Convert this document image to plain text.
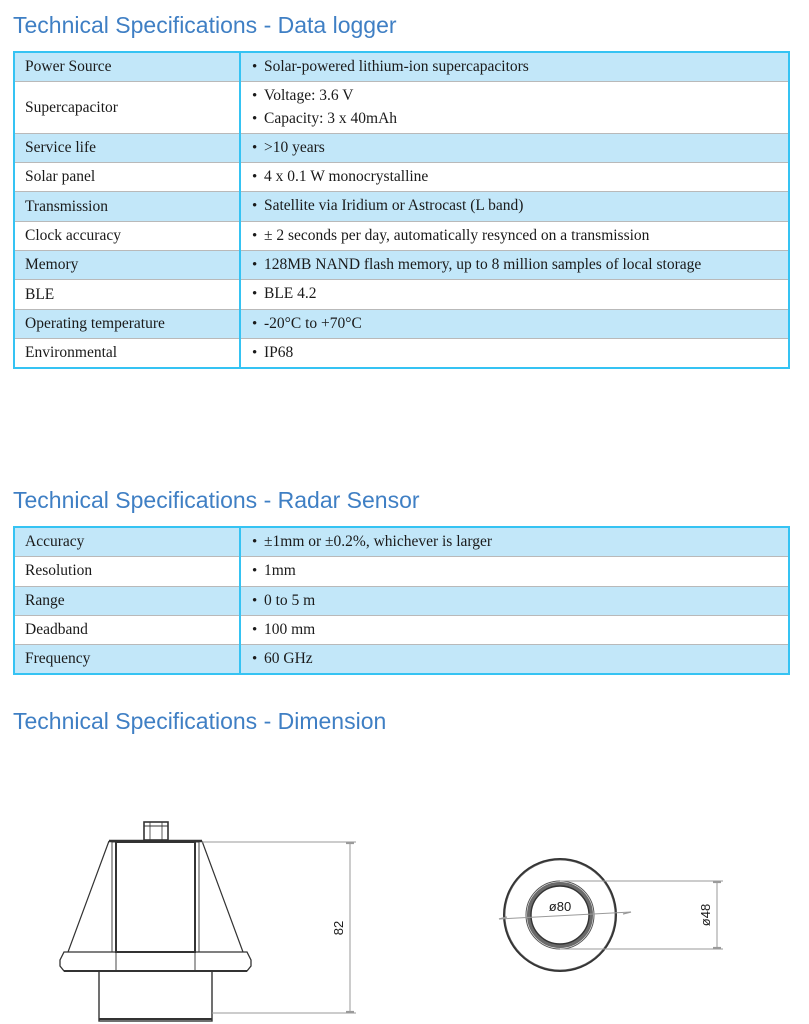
Technical Specifications - Data logger
Power Source	• Solar-powered lithium-ion supercapacitors

Supercapacitor	• Voltage: 3.6 V
• Capacity: 3 x 40mAh

Service life	• >10 years

Solar panel	• 4 x 0.1 W monocrystalline

Transmission	• Satellite via Iridium or Astrocast (L band)

Clock accuracy	• ± 2 seconds per day, automatically resynced on a transmission

Memory	• 128MB NAND flash memory, up to 8 million samples of local storage

BLE	• BLE 4.2

Operating temperature	• -20°C to +70°C

Environmental	• IP68
Technical Specifications - Radar Sensor
Accuracy	• ±1mm or ±0.2%, whichever is larger

Resolution	• 1mm

Range	• 0 to 5 m

Deadband	• 100 mm

Frequency	• 60 GHz
Technical Specifications - Dimension
82
ø80	ø48
